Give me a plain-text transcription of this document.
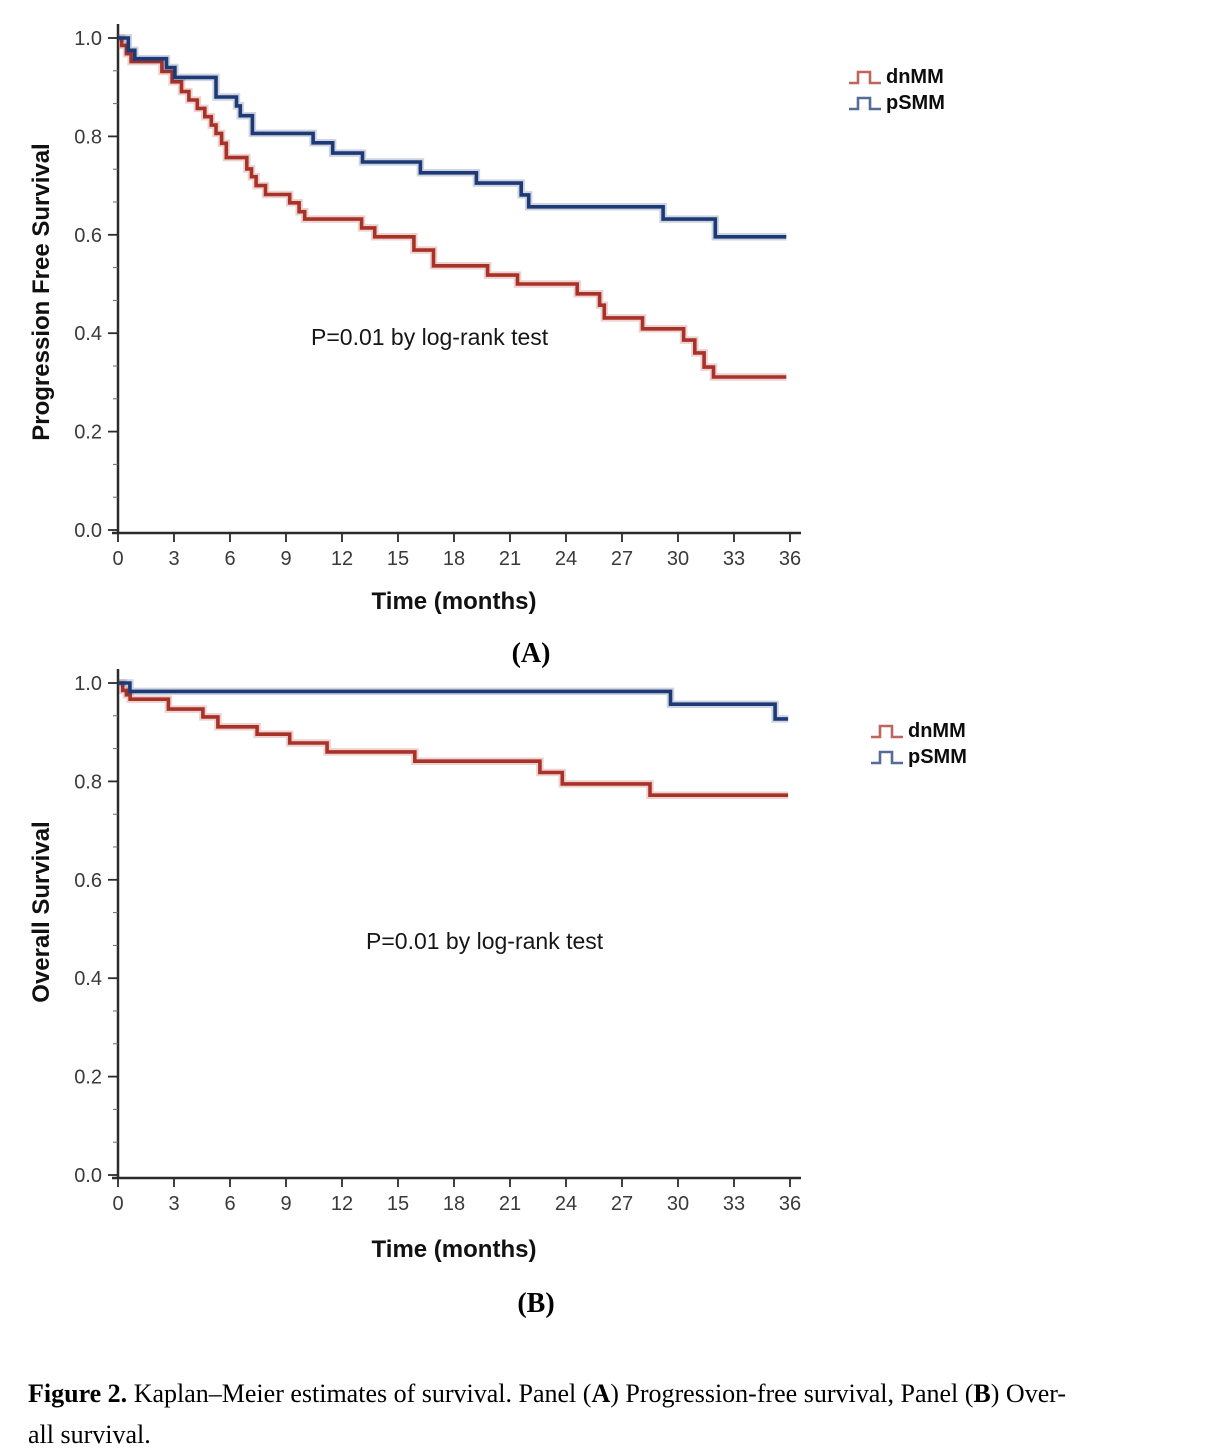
0 3 6 9 12 15 18 21 24 27 30 33 36
0.0
0.2
0.4
0.6
0.8
1.0
0 3 6 9 12 15 18 21 24 27 30 33 36
0.0
0.2
0.4
0.6
0.8
1.0
Progression Free Survival
Time (months)
P=0.01 by log-rank test
dnMM
pSMM
(A)
Overall Survival
Time (months)
P=0.01 by log-rank test
dnMM
pSMM
(B)

Figure 2. Kaplan–Meier estimates of survival. Panel (A) Progression-free survival, Panel (B) Over-
all survival.
